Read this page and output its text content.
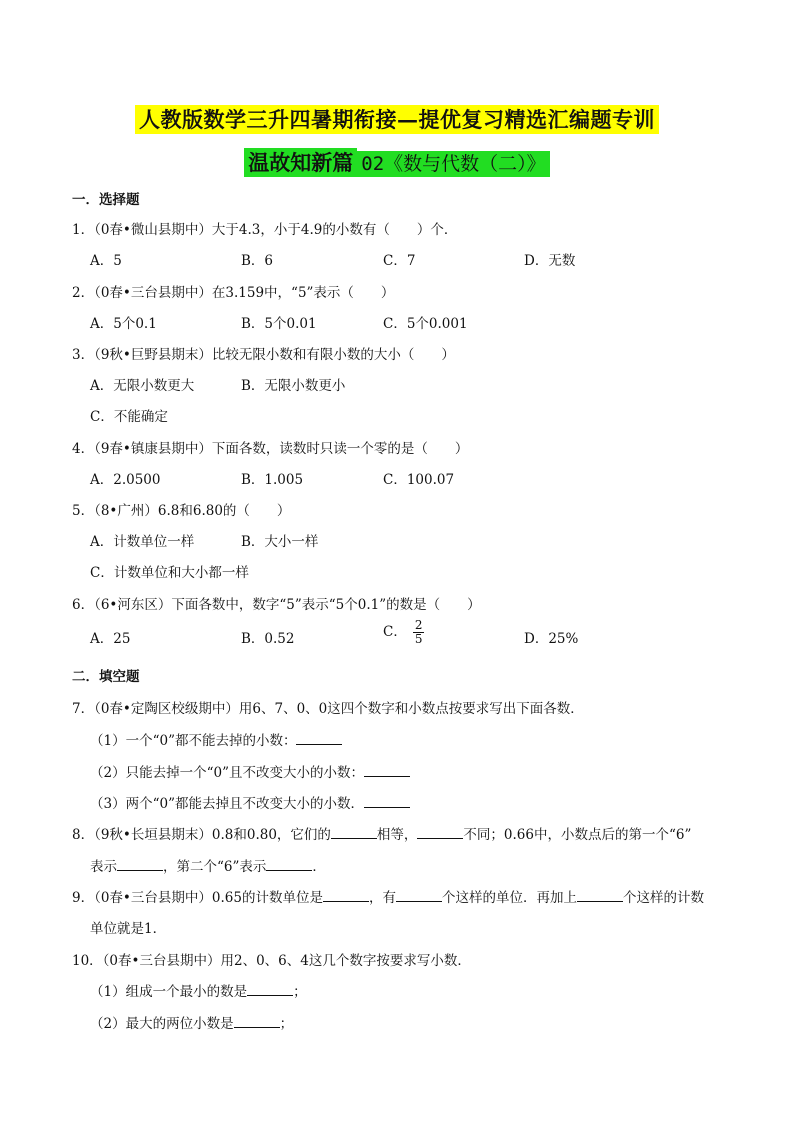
人教版数学三升四暑期衔接—提优复习精选汇编题专训
温故知新篇 02《数与代数（二）》
一．选择题
1．（0春•微山县期中）大于4.3，小于4.9的小数有（　　）个．
A．5	B．6	C．7	D．无数
2．（0春•三台县期中）在3.159中，“5”表示（　　）
A．5个0.1	B．5个0.01	C．5个0.001
3．（9秋•巨野县期末）比较无限小数和有限小数的大小（　　）
A．无限小数更大	B．无限小数更小
C．不能确定
4．（9春•镇康县期中）下面各数，读数时只读一个零的是（　　）
A．2.0500	B．1.005	C．100.07
5．（8•广州）6.8和6.80的（　　）
A．计数单位一样	B．大小一样
C．计数单位和大小都一样
6．（6•河东区）下面各数中，数字“5”表示“5个0.1”的数是（　　）
A．25	B．0.52	C． $\frac{2}{5}$	D．25%
二．填空题
7．（0春•定陶区校级期中）用6、7、0、0这四个数字和小数点按要求写出下面各数．
（1）一个“0”都不能去掉的小数：
（2）只能去掉一个“0”且不改变大小的小数：
（3）两个“0”都能去掉且不改变大小的小数．
8．（9秋•长垣县期末）0.8和0.80，它们的	相等，	不同；0.66中，小数点后的第一个“6”
表示	，第二个“6”表示	．
9．（0春•三台县期中）0.65的计数单位是	，有	个这样的单位．再加上	个这样的计数
单位就是1．
10．（0春•三台县期中）用2、0、6、4这几个数字按要求写小数．
（1）组成一个最小的数是	；
（2）最大的两位小数是	；
